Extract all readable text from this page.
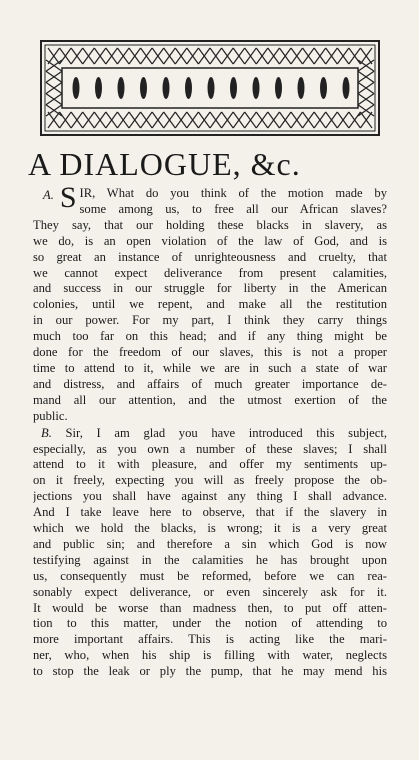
A DIALOGUE, &c.
A. S IR, What do you think of the motion made by
some among us, to free all our African slaves?
They say, that our holding these blacks in slavery, as
we do, is an open violation of the law of God, and is
so great an instance of unrighteousness and cruelty, that
we cannot expect deliverance from present calamities,
and success in our struggle for liberty in the American
colonies, until we repent, and make all the restitution
in our power. For my part, I think they carry things
much too far on this head; and if any thing might be
done for the freedom of our slaves, this is not a proper
time to attend to it, while we are in such a state of war
and distress, and affairs of much greater importance de-
mand all our attention, and the utmost exertion of the
public.
B. Sir, I am glad you have introduced this subject,
especially, as you own a number of these slaves; I shall
attend to it with pleasure, and offer my sentiments up-
on it freely, expecting you will as freely propose the ob-
jections you shall have against any thing I shall advance.
And I take leave here to observe, that if the slavery in
which we hold the blacks, is wrong; it is a very great
and public sin; and therefore a sin which God is now
testifying against in the calamities he has brought upon
us, consequently must be reformed, before we can rea-
sonably expect deliverance, or even sincerely ask for it.
It would be worse than madness then, to put off atten-
tion to this matter, under the notion of attending to
more important affairs. This is acting like the mari-
ner, who, when his ship is filling with water, neglects
to stop the leak or ply the pump, that he may mend his
